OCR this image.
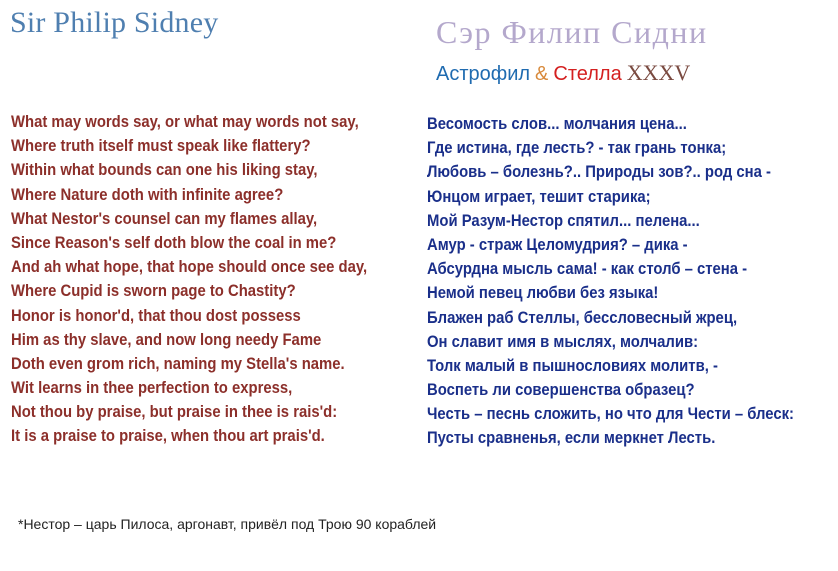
Sir Philip Sidney	Сэр Филип Сидни
Астрофил & Стелла XXXV
What may words say, or what may words not say,
Where truth itself must speak like flattery?
Within what bounds can one his liking stay,
Where Nature doth with infinite agree?
What Nestor's counsel can my flames allay,
Since Reason's self doth blow the coal in me?
And ah what hope, that hope should once see day,
Where Cupid is sworn page to Chastity?
Honor is honor'd, that thou dost possess
Him as thy slave, and now long needy Fame
Doth even grom rich, naming my Stella's name.
Wit learns in thee perfection to express,
Not thou by praise, but praise in thee is rais'd:
It is a praise to praise, when thou art prais'd.
Весомость слов... молчания цена...
Где истина, где лесть? - так грань тонка;
Любовь – болезнь?.. Природы зов?.. род сна -
Юнцом играет, тешит старика;
Мой Разум-Нестор спятил... пелена...
Амур - страж Целомудрия? – дика -
Абсурдна мысль сама! - как столб – стена -
Немой певец любви без языка!
Блажен раб Стеллы, бессловесный жрец,
Он славит имя в мыслях, молчалив:
Толк малый в пышнословиях молитв, -
Воспеть ли совершенства образец?
Честь – песнь сложить, но что для Чести – блеск:
Пусты сравненья, если меркнет Лесть.
*Нестор – царь Пилоса, аргонавт, привёл под Трою 90 кораблей
